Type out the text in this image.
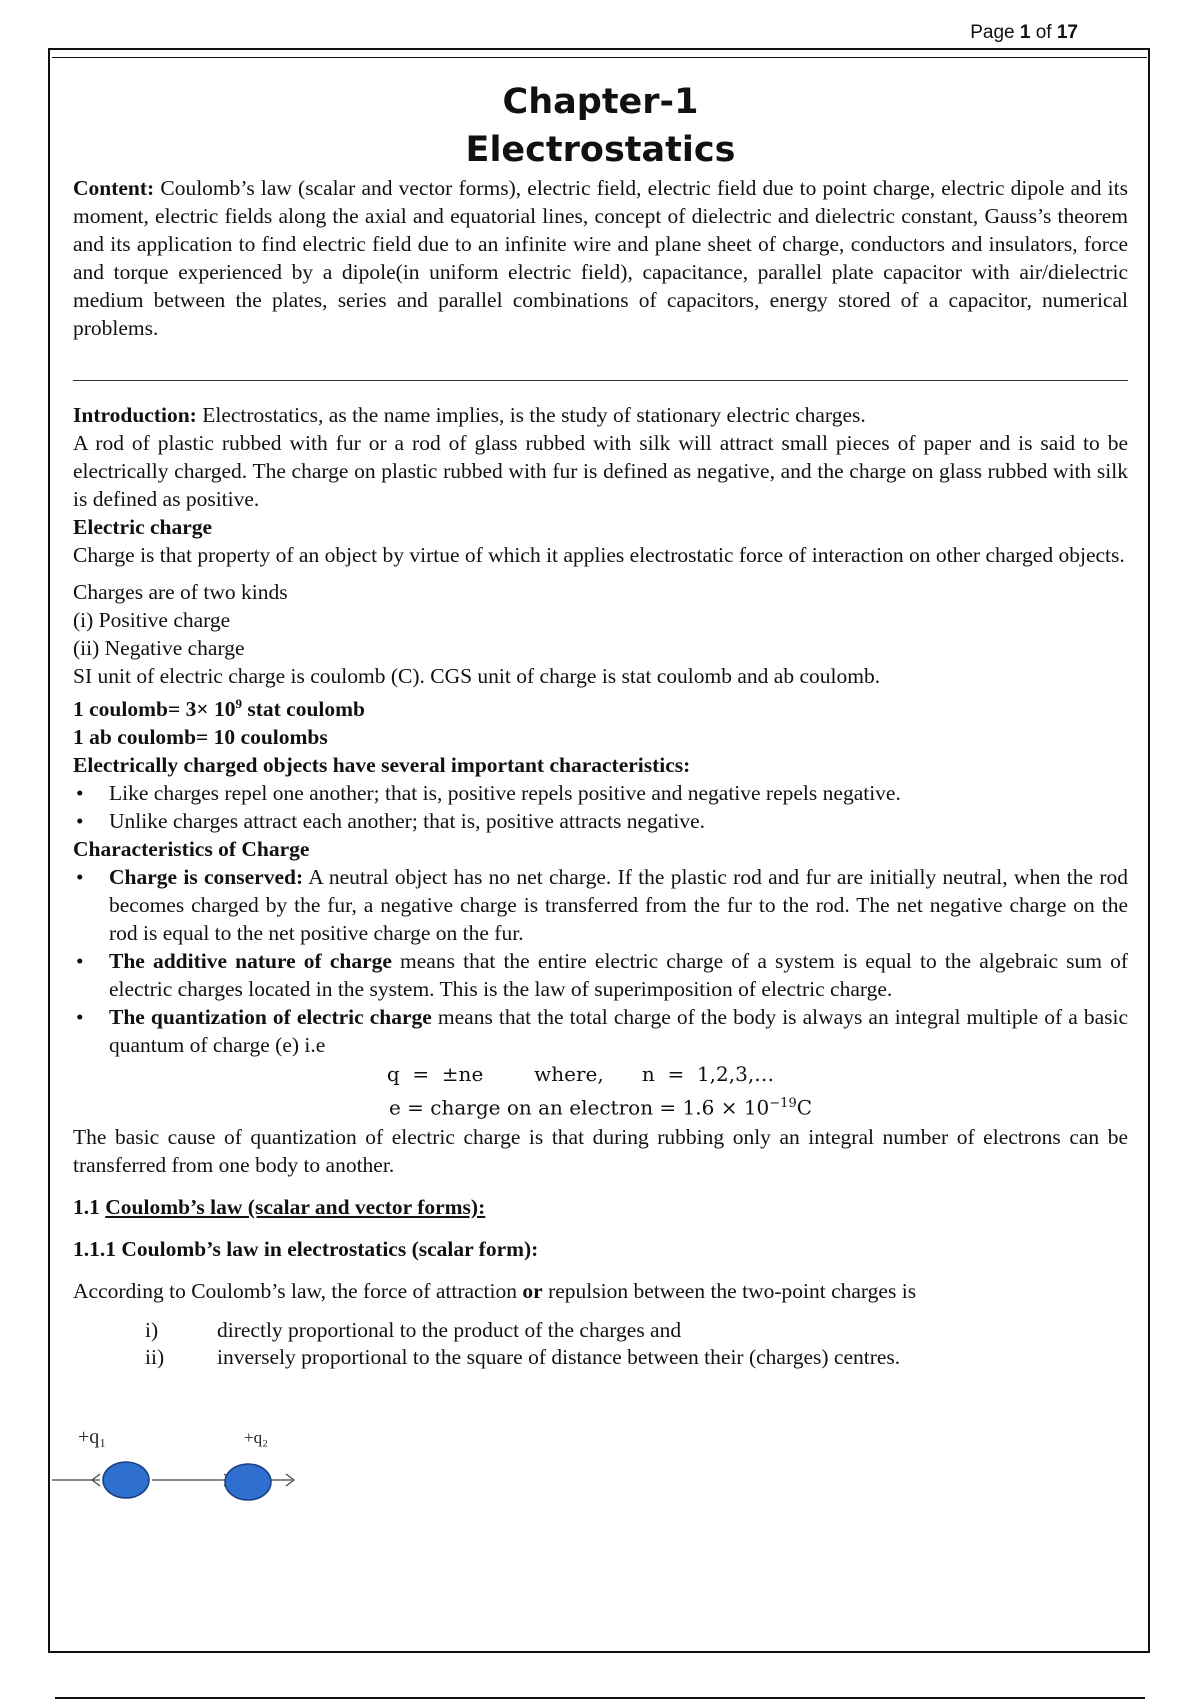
Page 1 of 17
Chapter-1
Electrostatics

Content: Coulomb’s law (scalar and vector forms), electric field, electric field due to point charge, electric dipole and its moment, electric fields along the axial and equatorial lines, concept of dielectric and dielectric constant, Gauss’s theorem and its application to find electric field due to an infinite wire and plane sheet of charge, conductors and insulators, force and torque experienced by a dipole(in uniform electric field), capacitance, parallel plate capacitor with air/dielectric medium between the plates, series and parallel combinations of capacitors, energy stored of a capacitor, numerical problems.

Introduction: Electrostatics, as the name implies, is the study of stationary electric charges.

A rod of plastic rubbed with fur or a rod of glass rubbed with silk will attract small pieces of paper and is said to be electrically charged. The charge on plastic rubbed with fur is defined as negative, and the charge on glass rubbed with silk is defined as positive.

Electric charge

Charge is that property of an object by virtue of which it applies electrostatic force of interaction on other charged objects.

Charges are of two kinds

(i) Positive charge

(ii) Negative charge

SI unit of electric charge is coulomb (C). CGS unit of charge is stat coulomb and ab coulomb.

1 coulomb= $3\times 10^9$ stat coulomb

1 ab coulomb= 10 coulombs

Electrically charged objects have several important characteristics:

• Like charges repel one another; that is, positive repels positive and negative repels negative.
• Unlike charges attract each another; that is, positive attracts negative.

Characteristics of Charge

• Charge is conserved: A neutral object has no net charge. If the plastic rod and fur are initially neutral, when the rod becomes charged by the fur, a negative charge is transferred from the fur to the rod. The net negative charge on the rod is equal to the net positive charge on the fur.
• The additive nature of charge means that the entire electric charge of a system is equal to the algebraic sum of electric charges located in the system. This is the law of superimposition of electric charge.
• The quantization of electric charge means that the total charge of the body is always an integral multiple of a basic quantum of charge (e) i.e
q  =  ±ne        where,      n  =  1,2,3,…
e = charge on an electron = $1.6 \times 10^{-19}C$

The basic cause of quantization of electric charge is that during rubbing only an integral number of electrons can be transferred from one body to another.

1.1 Coulomb’s law (scalar and vector forms):

1.1.1 Coulomb’s law in electrostatics (scalar form):

According to Coulomb’s law, the force of attraction or repulsion between the two-point charges is

i)	directly proportional to the product of the charges and
ii)	inversely proportional to the square of distance between their (charges) centres.
+q₁	+q₂
